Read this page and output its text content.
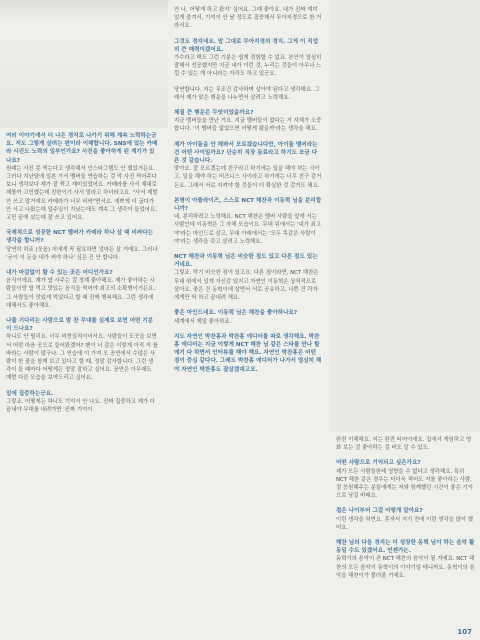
여러 이야기에서 더 나은 경지로 나가기 위해 계속 노력하는군요. 저도 그렇게 살려는 편이라 이해합니다. SNS에 있는 카메라 사진도 노력의 일부인가요? 사진을 좋아하게 된 계기가 있나요?

원래는 사진 못 찍는다고 생각해서 인스타그램도 안 했었거든요. 그러다 지난달에 일본 가서 멤버들 연습하는 걸 막 사진 찍어주다 보니 생각보다 재가 잘 찍고 재미있었어요. 카메라를 사서 제대로 해볼까 고민했는데 친한이기 사서 말라고 하더라고요. "사서 제발 안 쓰고 말거예요 카메라가 너무 비싸"면서요. 예쁘게 더 굽다가 안 사고 나왔는데 일주일이 지났는데도 계속 그 생각이 들었어요. 고민 끝에 샀는데 잘 쓰고 있어요.

국제적으로 성공한 NCT 멤버가 카메라 하나 살 때 비싸다는 생각을 합니까?

당연히 하죠 (웃음) 저에게 꼭 필요하면 얼마든 살 거예요. 그러나 '굳이 이 돈을 내가 써야 하나' 싶은 건 안 합니다.

내가 마감없이 할 수 있는 곳은 어디인가요?

음식이에요. 제가 밥 사주는 걸 정계 좋아해요. 제가 좋아하는 사람들이랑 밥 먹고 맛있는 음식을 먹어야 최고의 소확행이거든요. 그 사람들이 맛있게 먹었다고 할 때 진짜 행복해요. 그런 생각에 대해서도 좋아해요.

나를 기다리는 사람으로 밤 찬 무대를 실제로 보면 어떤 기분이 드나요?

하니도 안 떨리요. 너무 비현실적이어서요. 사람들이 도곳을 보면서 어떤 마음 곳으로 들어왔겠어? 팬이 너 같은 이렇게 아직 저 를 바라는 사람이 많구나. 그 연습에 이 가져 오 공연에서 수많은 사람이 한 줄을 함께 보고 있다고 할 때, 정말 감사합니다. 그런 생각이 들 때마다 어떻게든 정말 잘하고 싶어요. 공연은 아무래도 매번 다른 모습을 보여드리고 싶어요.

일에 집중하는군요.

그렇죠. 어떻게든 하니도 기억이 안 나요. 진짜 집중하고 제가 다 끝내야 무대를 내려가면 '진짜 기억이

안 나, 어떻게 하고 왔지' 싶어요. 그때 좋아요. 내가 진짜 재미있게 즐겨서, 기억이 안 날 정도로 집중해서 무아지경으로 한 거라서요.

그것도 경지네요. 말 그대로 무아지경의 경지. 그게 이 직업의 큰 매력이겠어요.

가수라고 해도 그런 기분은 쉽게 경험할 수 없죠. 본인이 열심히 잘해서 성공했지만 지금 내가 이런 것, 누리는 것들이 아무나 느낄 수 있는 게 아니라는 자각도 하고 있군요.

당연합니다. 저는 무조건 감사하며 살아야 된다고 생각해요. 그래서 제가 맞은 행운을 나누면서 살려고 노력해요.

체질 큰 행운은 무엇이었을까요?

지금 멤버들을 만난 거요. 지금 멤버들이 없다는 거 자체가 소중합니다. '이 멤버들 없었으면 어떻게 됐을까'라는 생각을 해요.

제가 아이돌을 안 해봐서 모르겠습니다만, 아이돌 멤버라는 건 어떤 사이일까요? 단순히 직장 동료라고 하기도 조금 다른 것 같습니다.

맞아요. 잘 모르겠는데 친구라고 하기에는 일을 해야 하는 사이고, 일을 해야 하는 비즈니스 사이라고 하기에는 너무 친구 같거든요. 그래서 서로 지켜야 할 것들이 더 확실한 것 같거도 해요.

본명이 아틀라이즈, 스스로 NCT 해찬과 이동혁 님을 분리합니까?

네, 분리하려고 노력해요. NCT 해찬은 멤버 사람들 앞에 서는 사람인데 이동혁은 그 자체 모습이요. 무대 위에서는 '내가 최고야'라는 마인드로 살고, 무대 아래에서는 '모두 똑같은 사람이야'라는 생각을 갖고 살려고 노력해요.

NCT 해찬과 이동혁 님은 비슷한 점도 있고 다른 점도 있는 거네요.

그렇죠. 막기 비슷한 점이 있고요. 다른 점이라면, NCT 해찬은 무대 위에서 있게 자신감 있지고 자연인 이동혁은 상처적으로 살아요. 좋은 건 동혁이에 살면서 서로 공유하고, 나쁜 건 각자에게만 딱 하고 끝내려 해요.

좋은 마인드네요. 이동혁 님은 해찬을 좋아하나요?

세계에서 제일 좋아하죠.

지도 자연인 박찬홍과 박찬홍 에디터를 따로 생각해요. 박찬홍 에디터는 지금 이렇게 NCT 해찬 님 같은 스타를 만나 할 얘기 다 하면서 인터뷰를 해야 해요. 자연인 박찬홍은 어떤 점이 증심 같다다. 그래도 박찬홍 에디터가 나가서 열심히 해야 자연인 박찬홍도 잘살겠대고요.

완전 이해해요. 저는 완전 티어이에요. 집에서 게임하고 영화 보는 걸 좋아하는 걸 비도 알 수 있도.

어떤 사람으로 기억되고 싶은가요?

제가 모든 사람들한테 영향을 수 없다고 생각해요. 특히 NCT 해찬 같은 경우는 더더욱 적어도 저를 좋아하는 사람, 절 응원해주는 분들에게는 저와 함께했던 시간이 좋은 기억으로 남길 바래요.

접은 나이부터 그걸 어떻게 알아요?

이런 생각을 하면요. 혼자서 지기 전에 이런 생각을 많이 했어요.

해찬 님의 다음 경지는 더 성장한 동혁 님이 하는 음악 활동일 수도 있겠어요. 언젠가는.

동혁이의 음악이 곧 NCT 해찬의 음악이 될 거예요. NCT 해찬의 모든 음악이 동혁이의 이야기일 테니까요. 동혁이의 음악을 해찬이가 불러줄 거예요.

107
